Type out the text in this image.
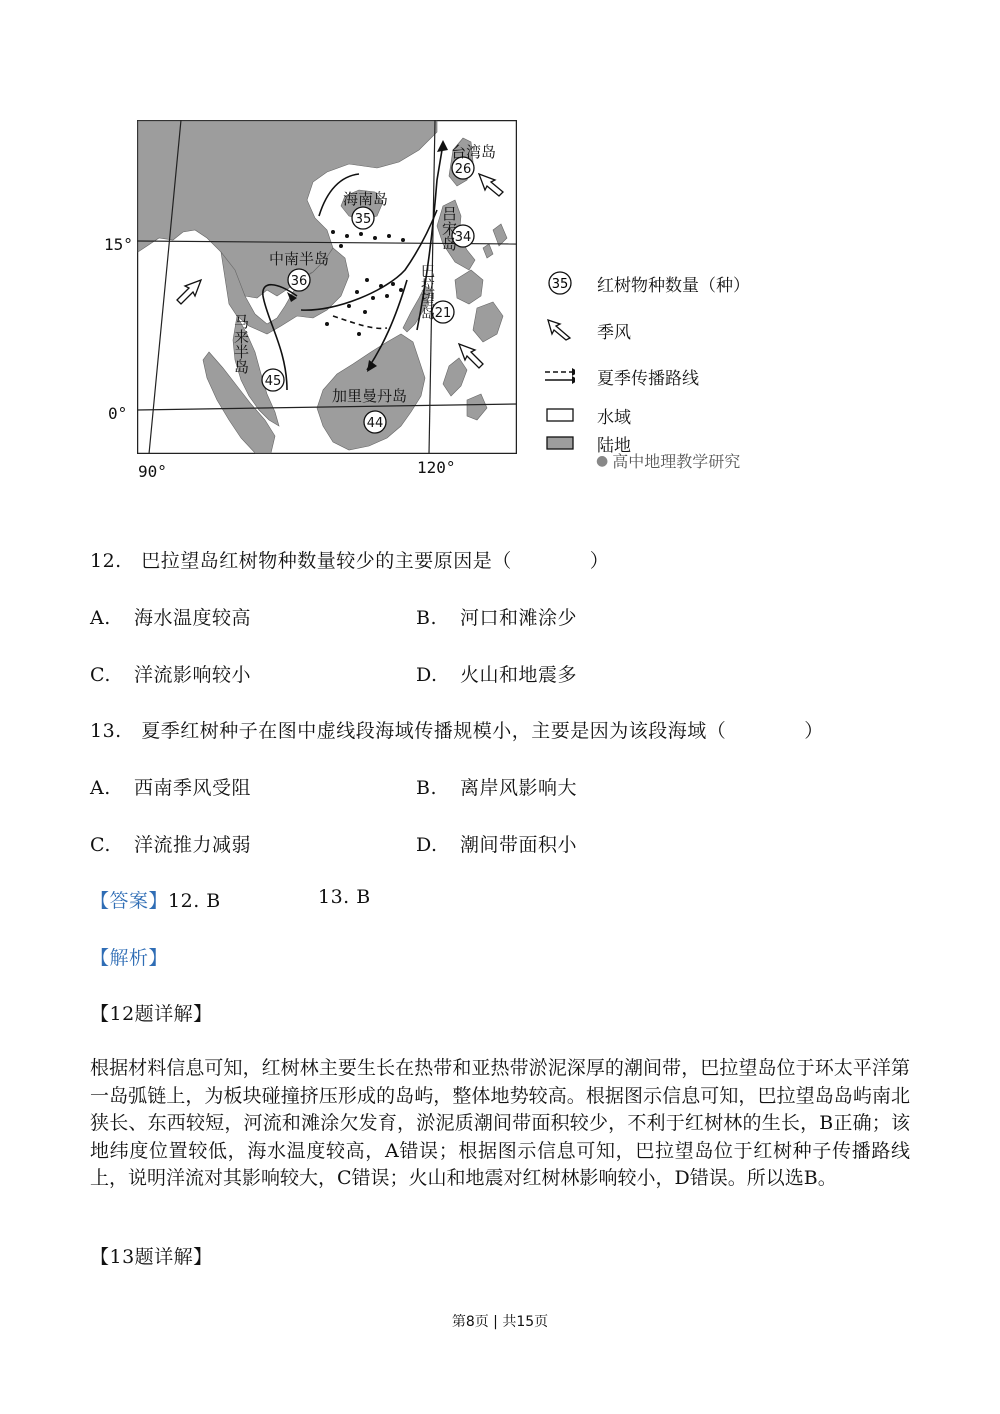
26
35
36
34
21
45
44
台湾岛
海南岛
中南半岛
加里曼丹岛
马来半岛
吕宋岛
巴拉望岛
15°
0°
90°	120°
35 红树物种数量（种）
季风
夏季传播路线
水域
陆地
● 高中地理教学研究
12.　巴拉望岛红树物种数量较少的主要原因是（　　　　）
A. 海水温度较高	B. 河口和滩涂少
C. 洋流影响较小	D. 火山和地震多
13.　夏季红树种子在图中虚线段海域传播规模小，主要是因为该段海域（　　　　）
A. 西南季风受阻	B. 离岸风影响大
C. 洋流推力减弱	D. 潮间带面积小
【答案】12. B	13. B
【解析】
【12题详解】
根据材料信息可知，红树林主要生长在热带和亚热带淤泥深厚的潮间带，巴拉望岛位于环太平洋第一岛弧链上，为板块碰撞挤压形成的岛屿，整体地势较高。根据图示信息可知，巴拉望岛岛屿南北狭长、东西较短，河流和滩涂欠发育，淤泥质潮间带面积较少，不利于红树林的生长，B正确；该地纬度位置较低，海水温度较高，A错误；根据图示信息可知，巴拉望岛位于红树种子传播路线上，说明洋流对其影响较大，C错误；火山和地震对红树林影响较小，D错误。所以选B。
【13题详解】
第8页 | 共15页
